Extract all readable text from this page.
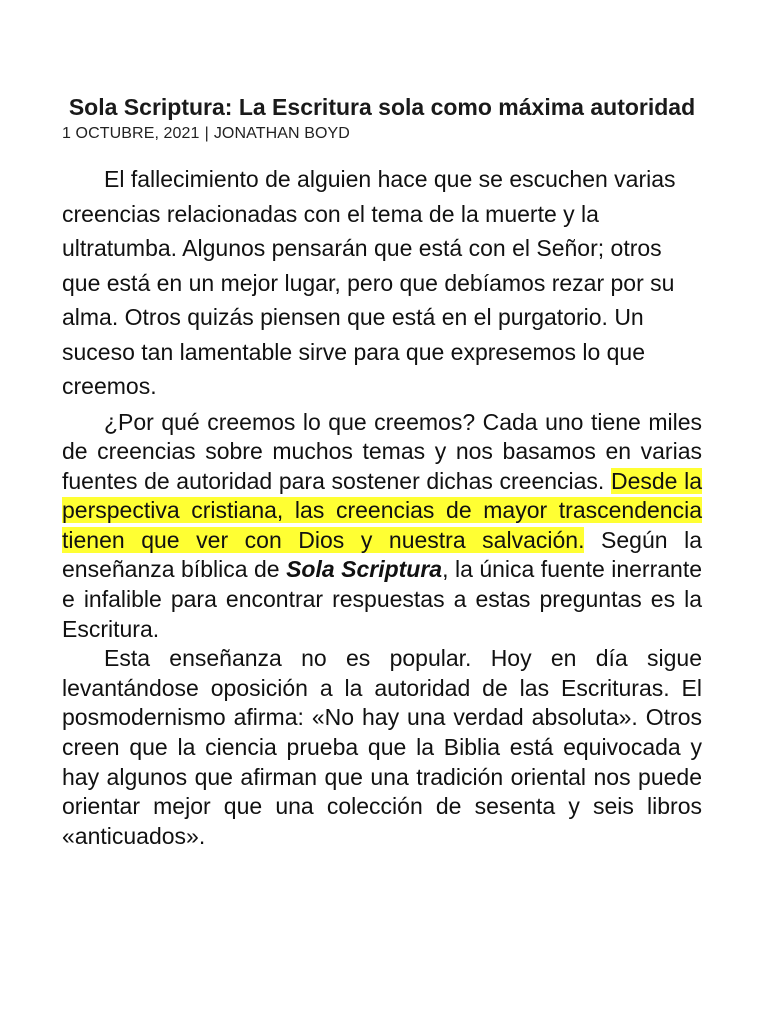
Sola Scriptura: La Escritura sola como máxima autoridad
1 OCTUBRE, 2021 | JONATHAN BOYD

El fallecimiento de alguien hace que se escuchen varias creencias relacionadas con el tema de la muerte y la ultratumba. Algunos pensarán que está con el Señor; otros que está en un mejor lugar, pero que debíamos rezar por su alma. Otros quizás piensen que está en el purgatorio. Un suceso tan lamentable sirve para que expresemos lo que creemos.

¿Por qué creemos lo que creemos? Cada uno tiene miles de creencias sobre muchos temas y nos basamos en varias fuentes de autoridad para sostener dichas creencias. Desde la perspectiva cristiana, las creencias de mayor trascendencia tienen que ver con Dios y nuestra salvación. Según la enseñanza bíblica de Sola Scriptura, la única fuente inerrante e infalible para encontrar respuestas a estas preguntas es la Escritura.

Esta enseñanza no es popular. Hoy en día sigue levantándose oposición a la autoridad de las Escrituras. El posmodernismo afirma: «No hay una verdad absoluta». Otros creen que la ciencia prueba que la Biblia está equivocada y hay algunos que afirman que una tradición oriental nos puede orientar mejor que una colección de sesenta y seis libros «anticuados».
